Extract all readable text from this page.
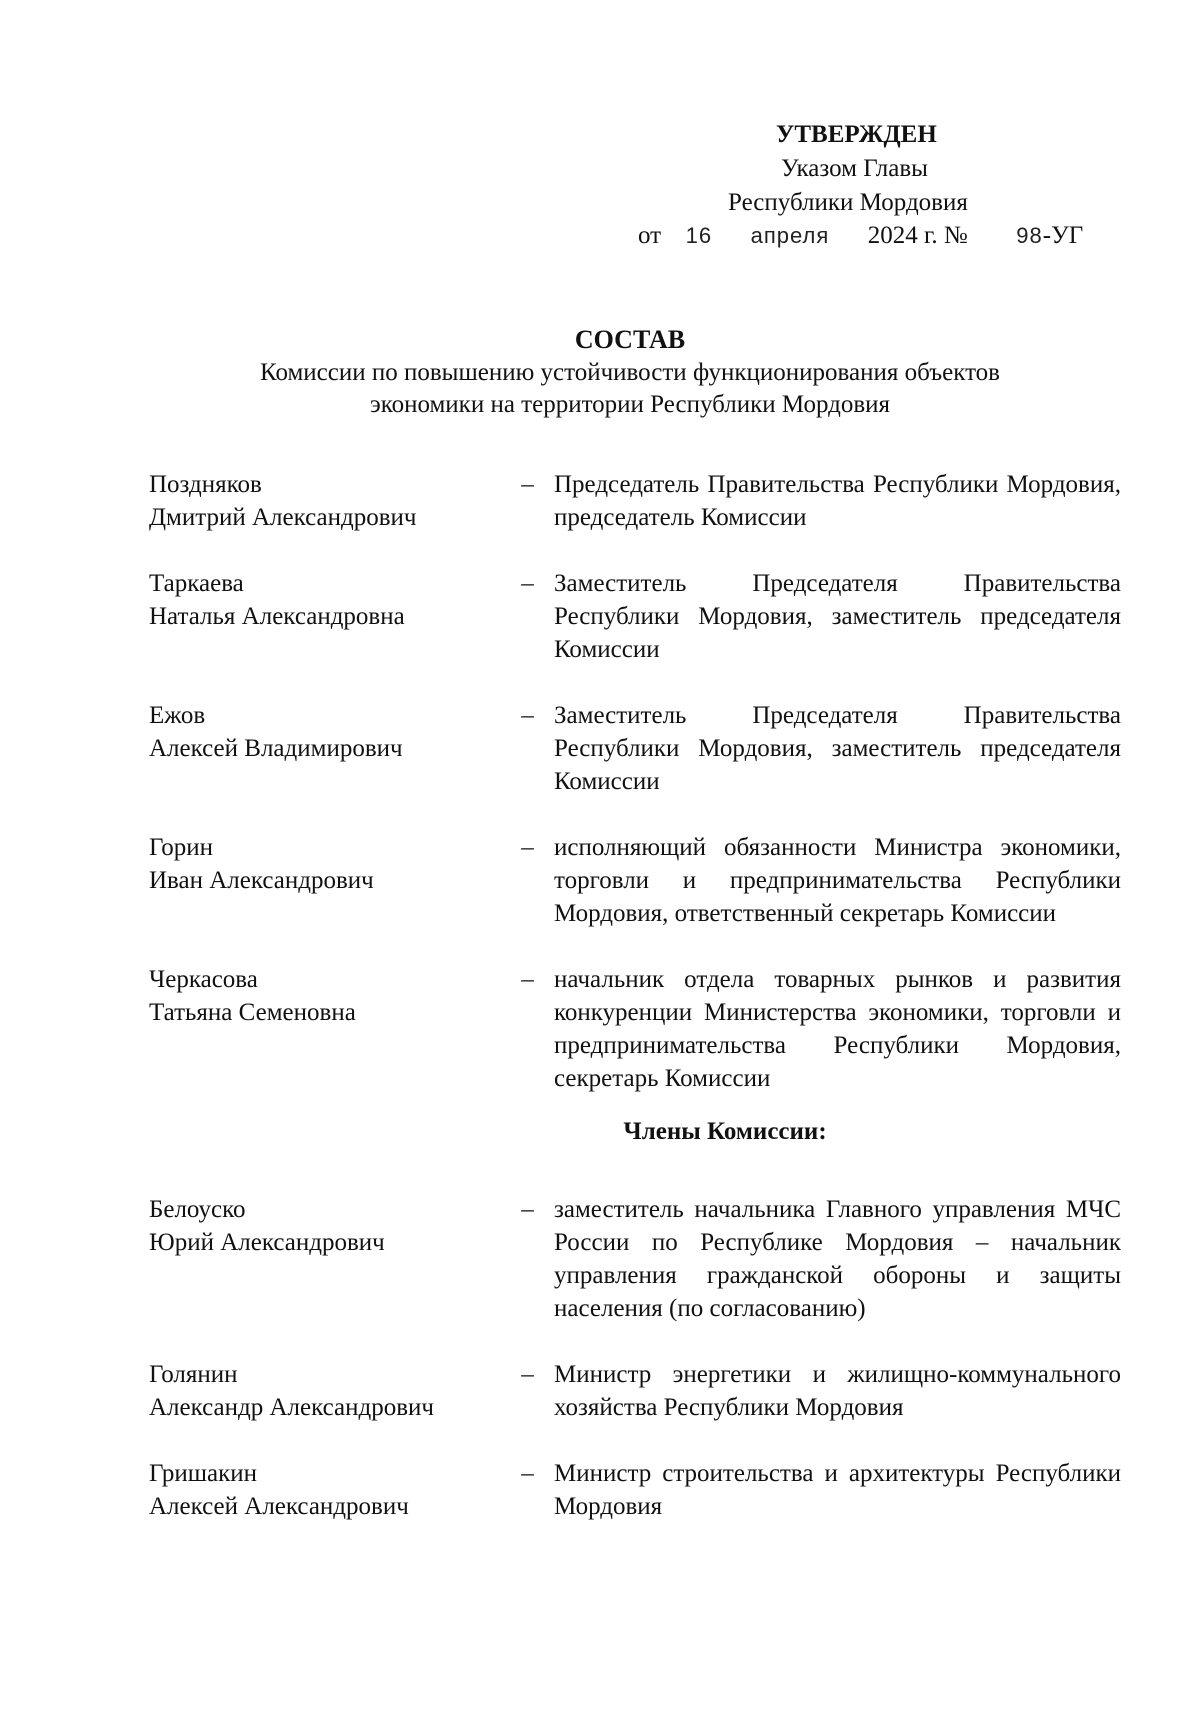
УТВЕРЖДЕН
Указом Главы
Республики Мордовия
от 16 апреля 2024 г. № 98-УГ
СОСТАВ
Комиссии по повышению устойчивости функционирования объектов
экономики на территории Республики Мордовия
Поздняков
Дмитрий Александрович
– Председатель Правительства Республики Мордовия, председатель Комиссии
Таркаева
Наталья Александровна
– Заместитель Председателя Правительства Республики Мордовия, заместитель председателя Комиссии
Ежов
Алексей Владимирович
– Заместитель Председателя Правительства Республики Мордовия, заместитель председателя Комиссии
Горин
Иван Александрович
– исполняющий обязанности Министра экономики, торговли и предпринимательства Республики Мордовия, ответственный секретарь Комиссии
Черкасова
Татьяна Семеновна
– начальник отдела товарных рынков и развития конкуренции Министерства экономики, торговли и предпринимательства Республики Мордовия, секретарь Комиссии
Члены Комиссии:
Белоуско
Юрий Александрович
– заместитель начальника Главного управления МЧС России по Республике Мордовия – начальник управления гражданской обороны и защиты населения (по согласованию)
Голянин
Александр Александрович
– Министр энергетики и жилищно-коммунального хозяйства Республики Мордовия
Гришакин
Алексей Александрович
– Министр строительства и архитектуры Республики Мордовия
